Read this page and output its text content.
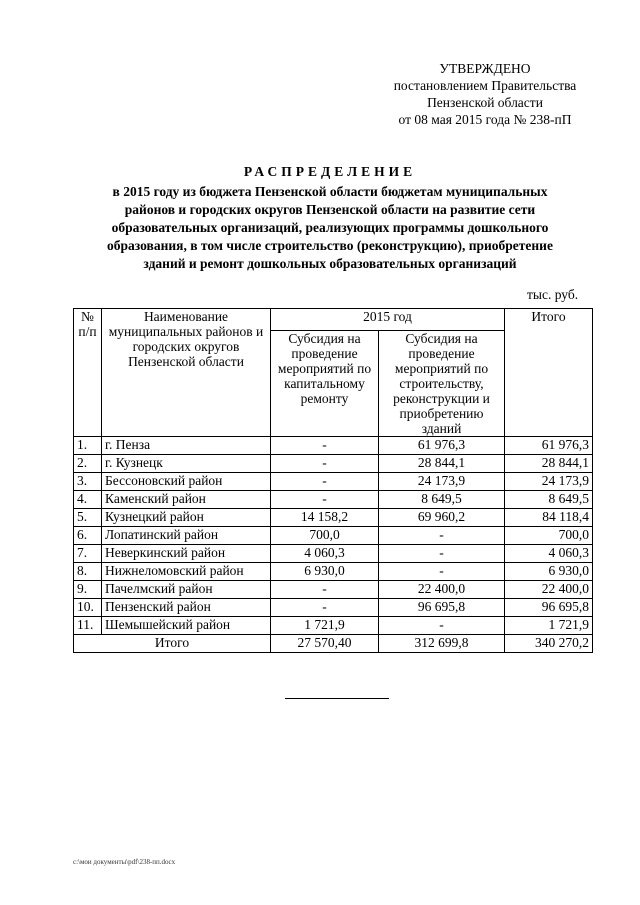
УТВЕРЖДЕНО
постановлением Правительства
Пензенской области
от 08 мая 2015 года № 238-пП
РАСПРЕДЕЛЕНИЕ
в 2015 году из бюджета Пензенской области бюджетам муниципальных
районов и городских округов Пензенской области на развитие сети
образовательных организаций, реализующих программы дошкольного
образования, в том числе строительство (реконструкцию), приобретение
зданий и ремонт дошкольных образовательных организаций
тыс. руб.
№ п/п	Наименование муниципальных районов и городских округов Пензенской области	2015 год		Итого
		Субсидия на проведение мероприятий по капитальному ремонту	Субсидия на проведение мероприятий по строительству, реконструкции и приобретению зданий	
1.	г. Пенза	-	61 976,3	61 976,3
2.	г. Кузнецк	-	28 844,1	28 844,1
3.	Бессоновский район	-	24 173,9	24 173,9
4.	Каменский район	-	8 649,5	8 649,5
5.	Кузнецкий район	14 158,2	69 960,2	84 118,4
6.	Лопатинский район	700,0	-	700,0
7.	Неверкинский район	4 060,3	-	4 060,3
8.	Нижнеломовский район	6 930,0	-	6 930,0
9.	Пачелмский район	-	22 400,0	22 400,0
10.	Пензенский район	-	96 695,8	96 695,8
11.	Шемышейский район	1 721,9	-	1 721,9
Итого		27 570,40	312 699,8	340 270,2
c:\мои документы\pdf\238-пп.docx
